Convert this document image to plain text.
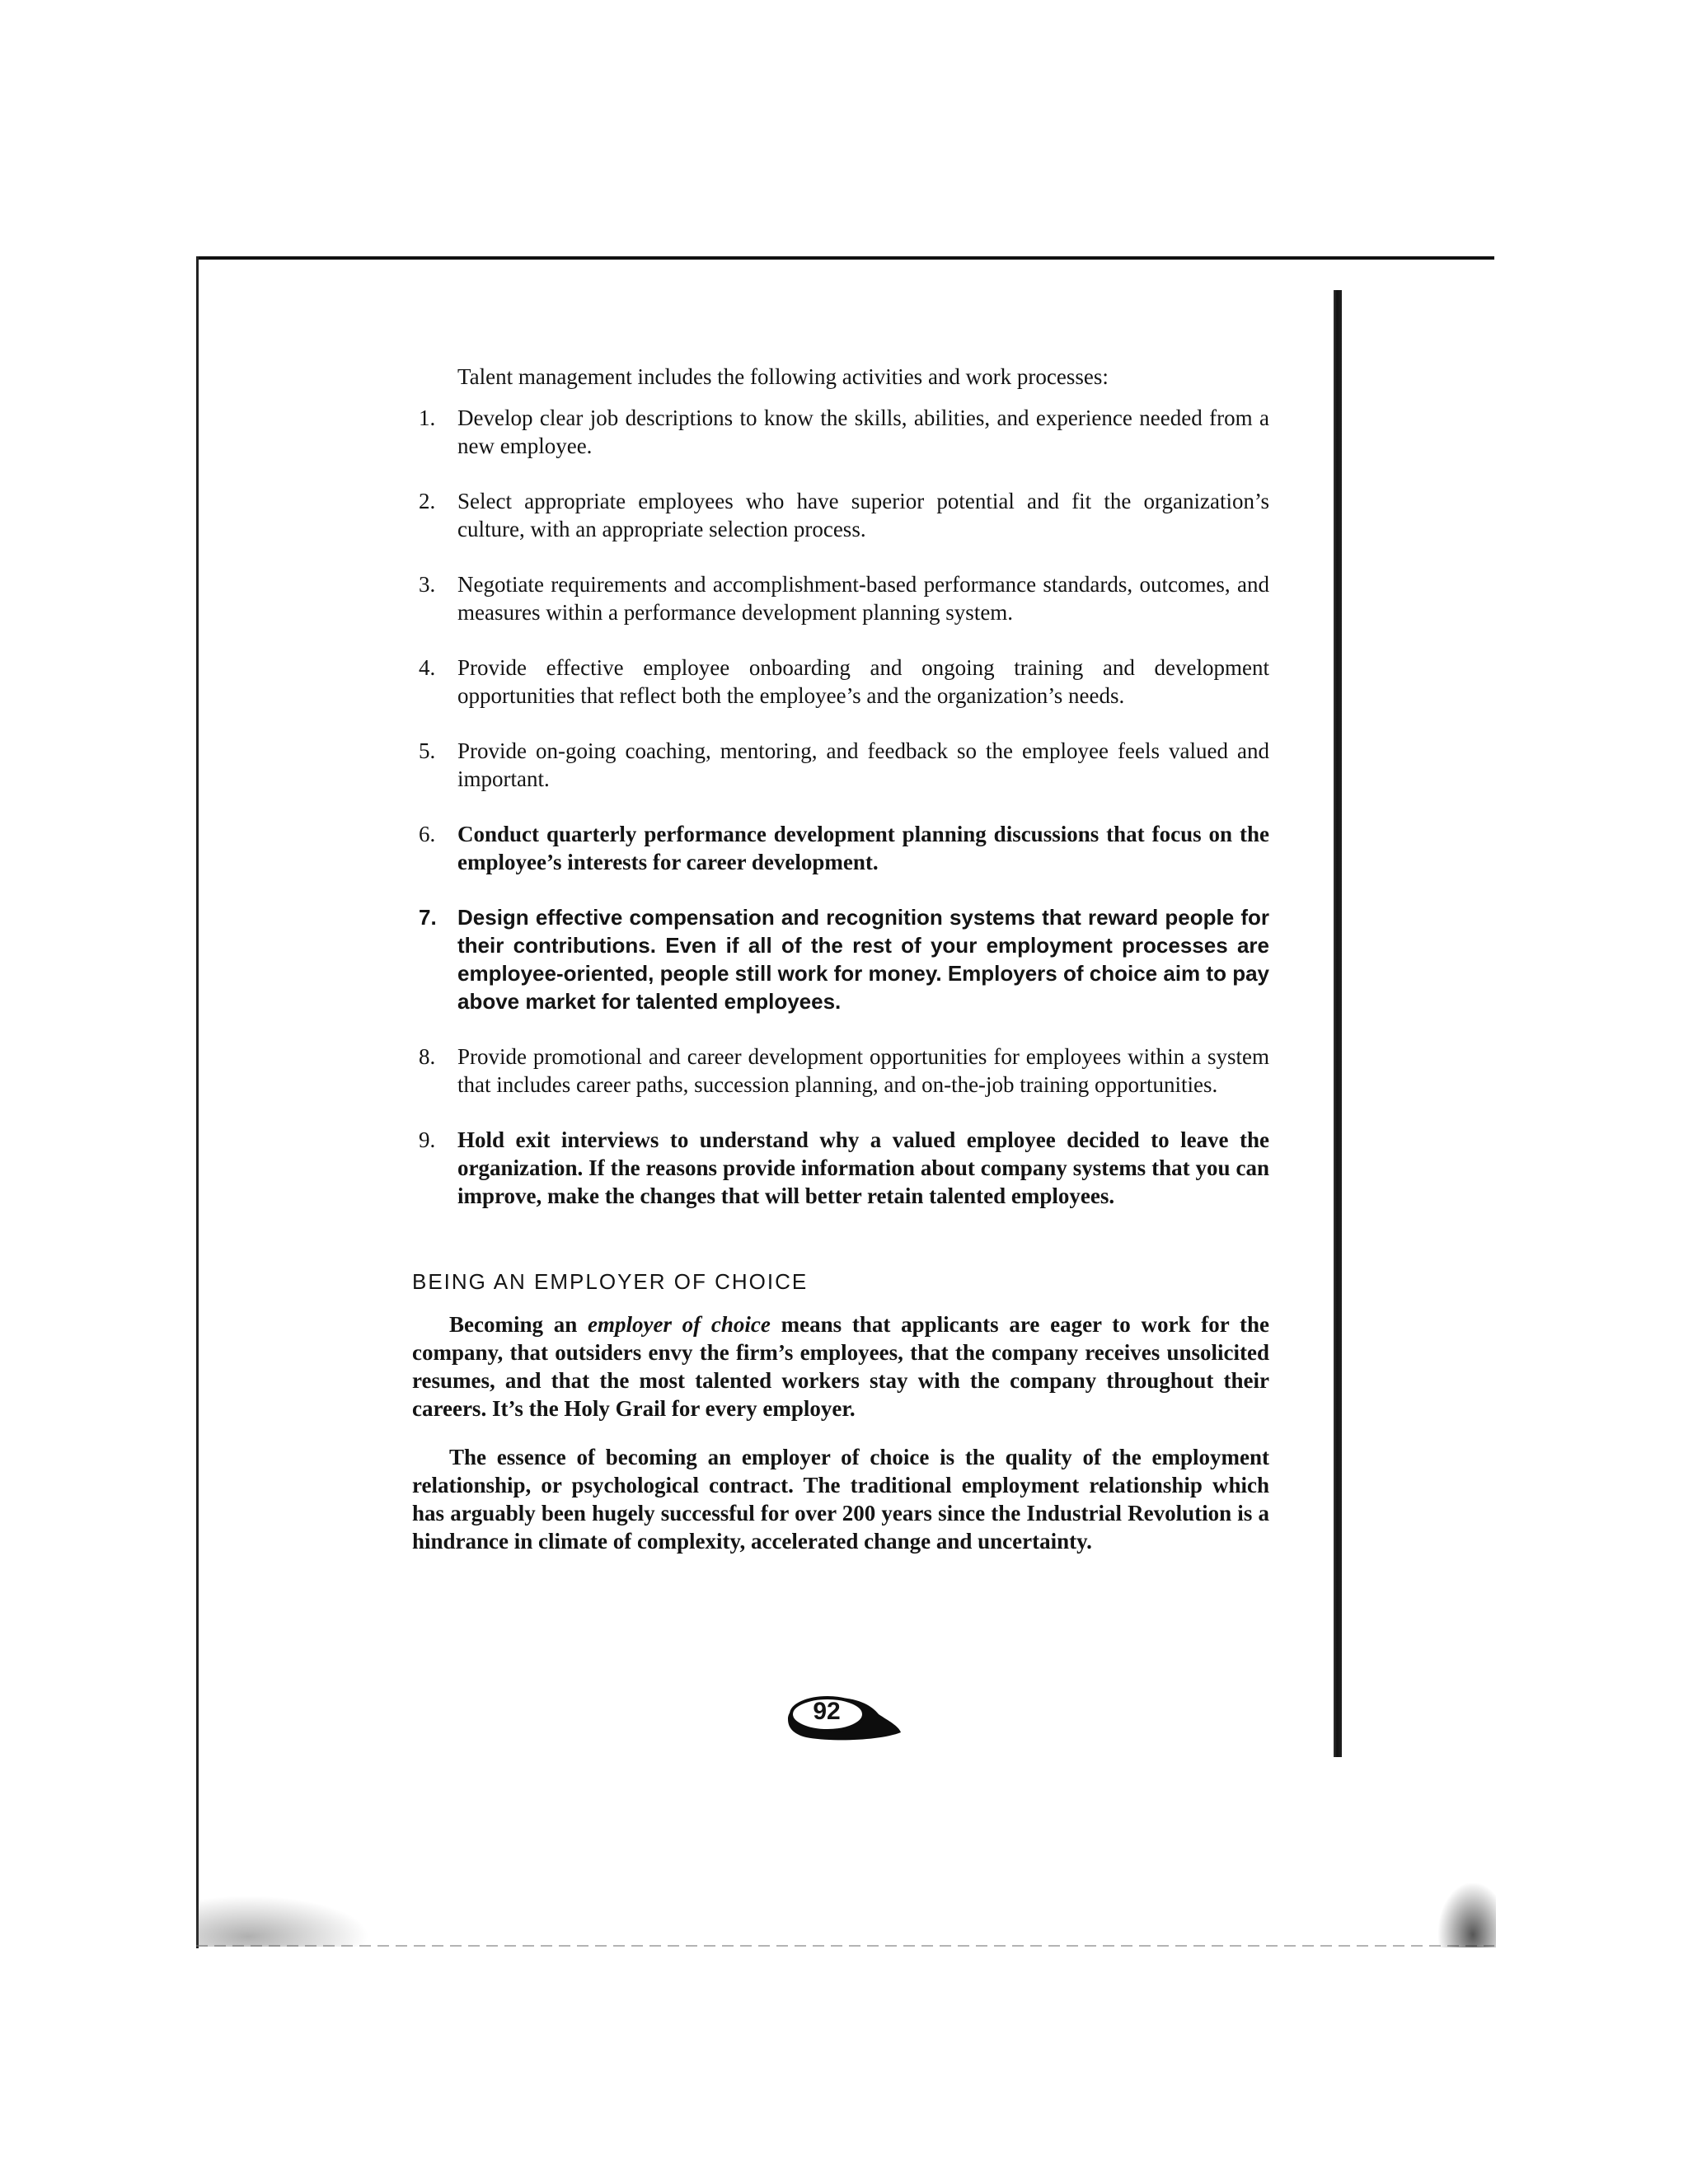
Talent management includes the following activities and work processes:

1. Develop clear job descriptions to know the skills, abilities, and experience needed from a new employee.
2. Select appropriate employees who have superior potential and fit the organization’s culture, with an appropriate selection process.
3. Negotiate requirements and accomplishment-based performance standards, outcomes, and measures within a performance development planning system.
4. Provide effective employee onboarding and ongoing training and development opportunities that reflect both the employee’s and the organization’s needs.
5. Provide on-going coaching, mentoring, and feedback so the employee feels valued and important.
6. Conduct quarterly performance development planning discussions that focus on the employee’s interests for career development.
7. Design effective compensation and recognition systems that reward people for their contributions. Even if all of the rest of your employment processes are employee-oriented, people still work for money. Employers of choice aim to pay above market for talented employees.
8. Provide promotional and career development opportunities for employees within a system that includes career paths, succession planning, and on-the-job training opportunities.
9. Hold exit interviews to understand why a valued employee decided to leave the organization. If the reasons provide information about company systems that you can improve, make the changes that will better retain talented employees.
BEING AN EMPLOYER OF CHOICE

Becoming an employer of choice means that applicants are eager to work for the company, that outsiders envy the firm’s employees, that the company receives unsolicited resumes, and that the most talented workers stay with the company throughout their careers. It’s the Holy Grail for every employer.

The essence of becoming an employer of choice is the quality of the employment relationship, or psychological contract. The traditional employment relationship which has arguably been hugely successful for over 200 years since the Industrial Revolution is a hindrance in climate of complexity, accelerated change and uncertainty.

92
